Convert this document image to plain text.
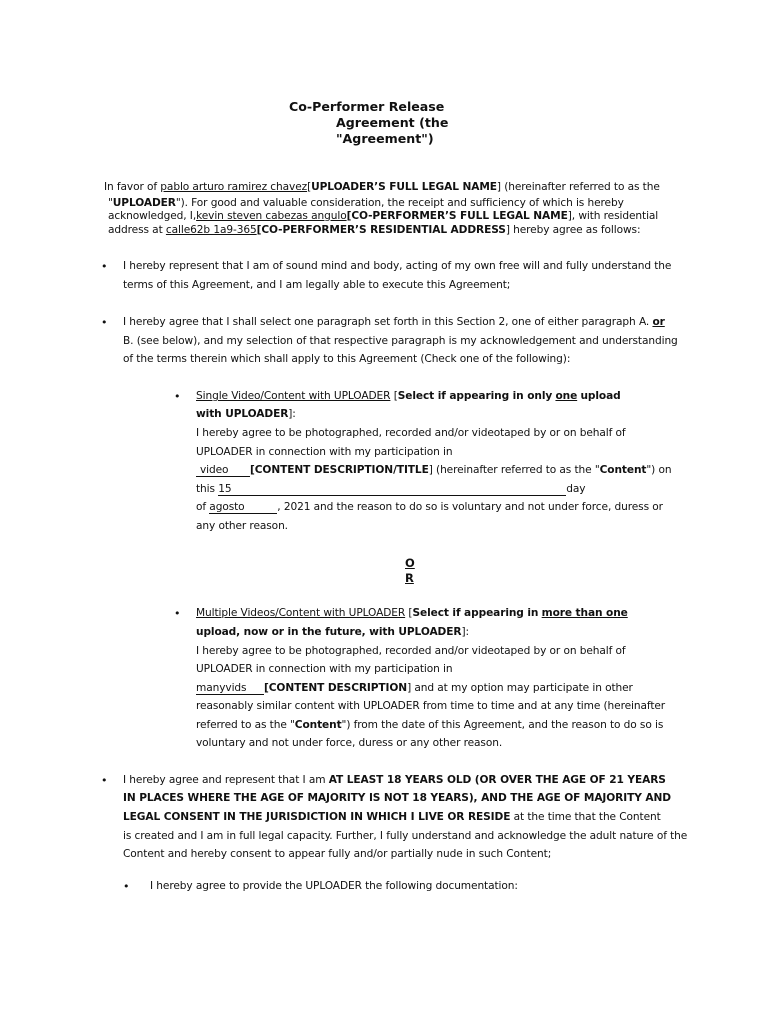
Co-Performer Release
Agreement (the
"Agreement")
In favor of pablo arturo ramirez chavez[UPLOADER’S FULL LEGAL NAME] (hereinafter referred to as the
"UPLOADER"). For good and valuable consideration, the receipt and sufficiency of which is hereby
acknowledged, I,kevin steven cabezas angulo[CO-PERFORMER’S FULL LEGAL NAME], with residential
address at calle62b 1a9-365[CO-PERFORMER’S RESIDENTIAL ADDRESS] hereby agree as follows:
• I hereby represent that I am of sound mind and body, acting of my own free will and fully understand the
terms of this Agreement, and I am legally able to execute this Agreement;
• I hereby agree that I shall select one paragraph set forth in this Section 2, one of either paragraph A. or
B. (see below), and my selection of that respective paragraph is my acknowledgement and understanding
of the terms therein which shall apply to this Agreement (Check one of the following):
• Single Video/Content with UPLOADER [Select if appearing in only one upload
with UPLOADER]:
I hereby agree to be photographed, recorded and/or videotaped by or on behalf of
UPLOADER in connection with my participation in
video [CONTENT DESCRIPTION/TITLE] (hereinafter referred to as the "Content") on
this 15	day
of agosto	, 2021 and the reason to do so is voluntary and not under force, duress or
any other reason.
O
R
• Multiple Videos/Content with UPLOADER [Select if appearing in more than one
upload, now or in the future, with UPLOADER]:
I hereby agree to be photographed, recorded and/or videotaped by or on behalf of
UPLOADER in connection with my participation in
manyvids [CONTENT DESCRIPTION] and at my option may participate in other
reasonably similar content with UPLOADER from time to time and at any time (hereinafter
referred to as the "Content") from the date of this Agreement, and the reason to do so is
voluntary and not under force, duress or any other reason.
• I hereby agree and represent that I am AT LEAST 18 YEARS OLD (OR OVER THE AGE OF 21 YEARS
IN PLACES WHERE THE AGE OF MAJORITY IS NOT 18 YEARS), AND THE AGE OF MAJORITY AND
LEGAL CONSENT IN THE JURISDICTION IN WHICH I LIVE OR RESIDE at the time that the Content
is created and I am in full legal capacity. Further, I fully understand and acknowledge the adult nature of the
Content and hereby consent to appear fully and/or partially nude in such Content;
• I hereby agree to provide the UPLOADER the following documentation:
